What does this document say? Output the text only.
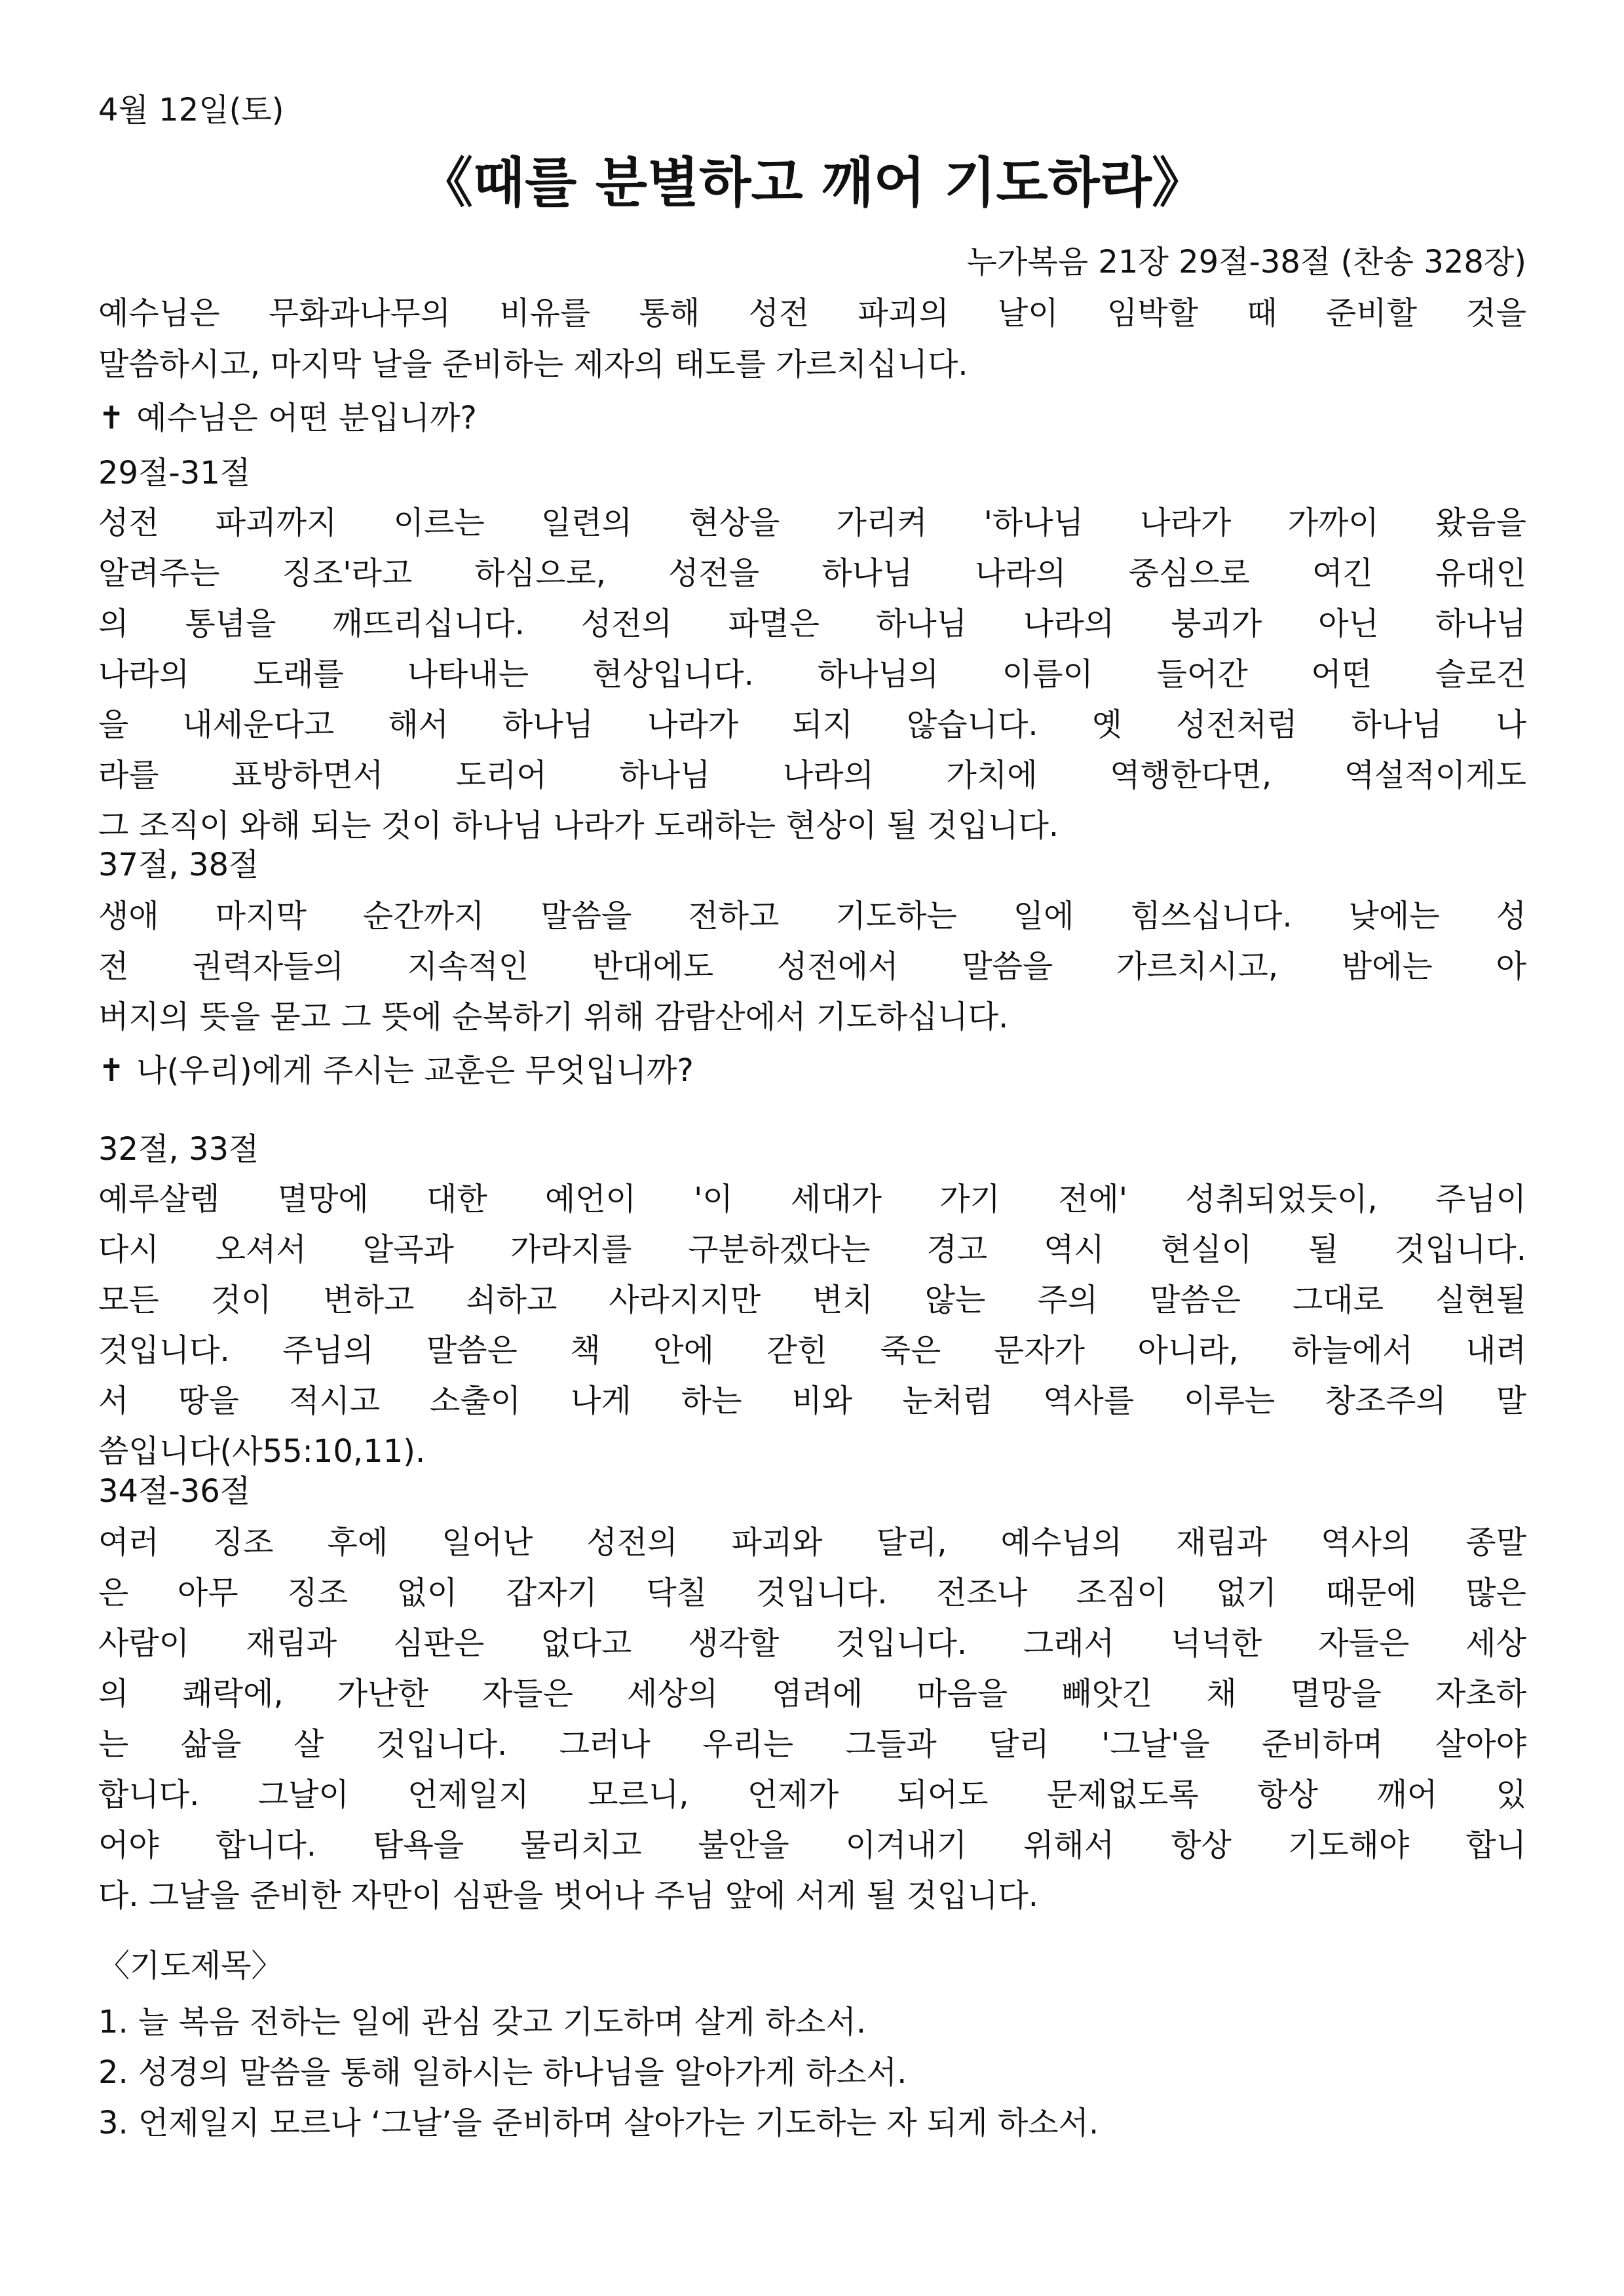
4월 12일(토)
《때를 분별하고 깨어 기도하라》
누가복음 21장 29절-38절 (찬송 328장)
예수님은 무화과나무의 비유를 통해 성전 파괴의 날이 임박할 때 준비할 것을
말씀하시고, 마지막 날을 준비하는 제자의 태도를 가르치십니다.
✝ 예수님은 어떤 분입니까?
29절-31절
성전 파괴까지 이르는 일련의 현상을 가리켜 '하나님 나라가 가까이 왔음을
알려주는 징조'라고 하심으로, 성전을 하나님 나라의 중심으로 여긴 유대인
의 통념을 깨뜨리십니다. 성전의 파멸은 하나님 나라의 붕괴가 아닌 하나님
나라의 도래를 나타내는 현상입니다. 하나님의 이름이 들어간 어떤 슬로건
을 내세운다고 해서 하나님 나라가 되지 않습니다. 옛 성전처럼 하나님 나
라를 표방하면서 도리어 하나님 나라의 가치에 역행한다면, 역설적이게도
그 조직이 와해 되는 것이 하나님 나라가 도래하는 현상이 될 것입니다.
37절, 38절
생애 마지막 순간까지 말씀을 전하고 기도하는 일에 힘쓰십니다. 낮에는 성
전 권력자들의 지속적인 반대에도 성전에서 말씀을 가르치시고, 밤에는 아
버지의 뜻을 묻고 그 뜻에 순복하기 위해 감람산에서 기도하십니다.
✝ 나(우리)에게 주시는 교훈은 무엇입니까?
32절, 33절
예루살렘 멸망에 대한 예언이 '이 세대가 가기 전에' 성취되었듯이, 주님이
다시 오셔서 알곡과 가라지를 구분하겠다는 경고 역시 현실이 될 것입니다.
모든 것이 변하고 쇠하고 사라지지만 변치 않는 주의 말씀은 그대로 실현될
것입니다. 주님의 말씀은 책 안에 갇힌 죽은 문자가 아니라, 하늘에서 내려
서 땅을 적시고 소출이 나게 하는 비와 눈처럼 역사를 이루는 창조주의 말
씀입니다(사55:10,11).
34절-36절
여러 징조 후에 일어난 성전의 파괴와 달리, 예수님의 재림과 역사의 종말
은 아무 징조 없이 갑자기 닥칠 것입니다. 전조나 조짐이 없기 때문에 많은
사람이 재림과 심판은 없다고 생각할 것입니다. 그래서 넉넉한 자들은 세상
의 쾌락에, 가난한 자들은 세상의 염려에 마음을 빼앗긴 채 멸망을 자초하
는 삶을 살 것입니다. 그러나 우리는 그들과 달리 '그날'을 준비하며 살아야
합니다. 그날이 언제일지 모르니, 언제가 되어도 문제없도록 항상 깨어 있
어야 합니다. 탐욕을 물리치고 불안을 이겨내기 위해서 항상 기도해야 합니
다. 그날을 준비한 자만이 심판을 벗어나 주님 앞에 서게 될 것입니다.
〈기도제목〉
1. 늘 복음 전하는 일에 관심 갖고 기도하며 살게 하소서.
2. 성경의 말씀을 통해 일하시는 하나님을 알아가게 하소서.
3. 언제일지 모르나 ‘그날’을 준비하며 살아가는 기도하는 자 되게 하소서.
